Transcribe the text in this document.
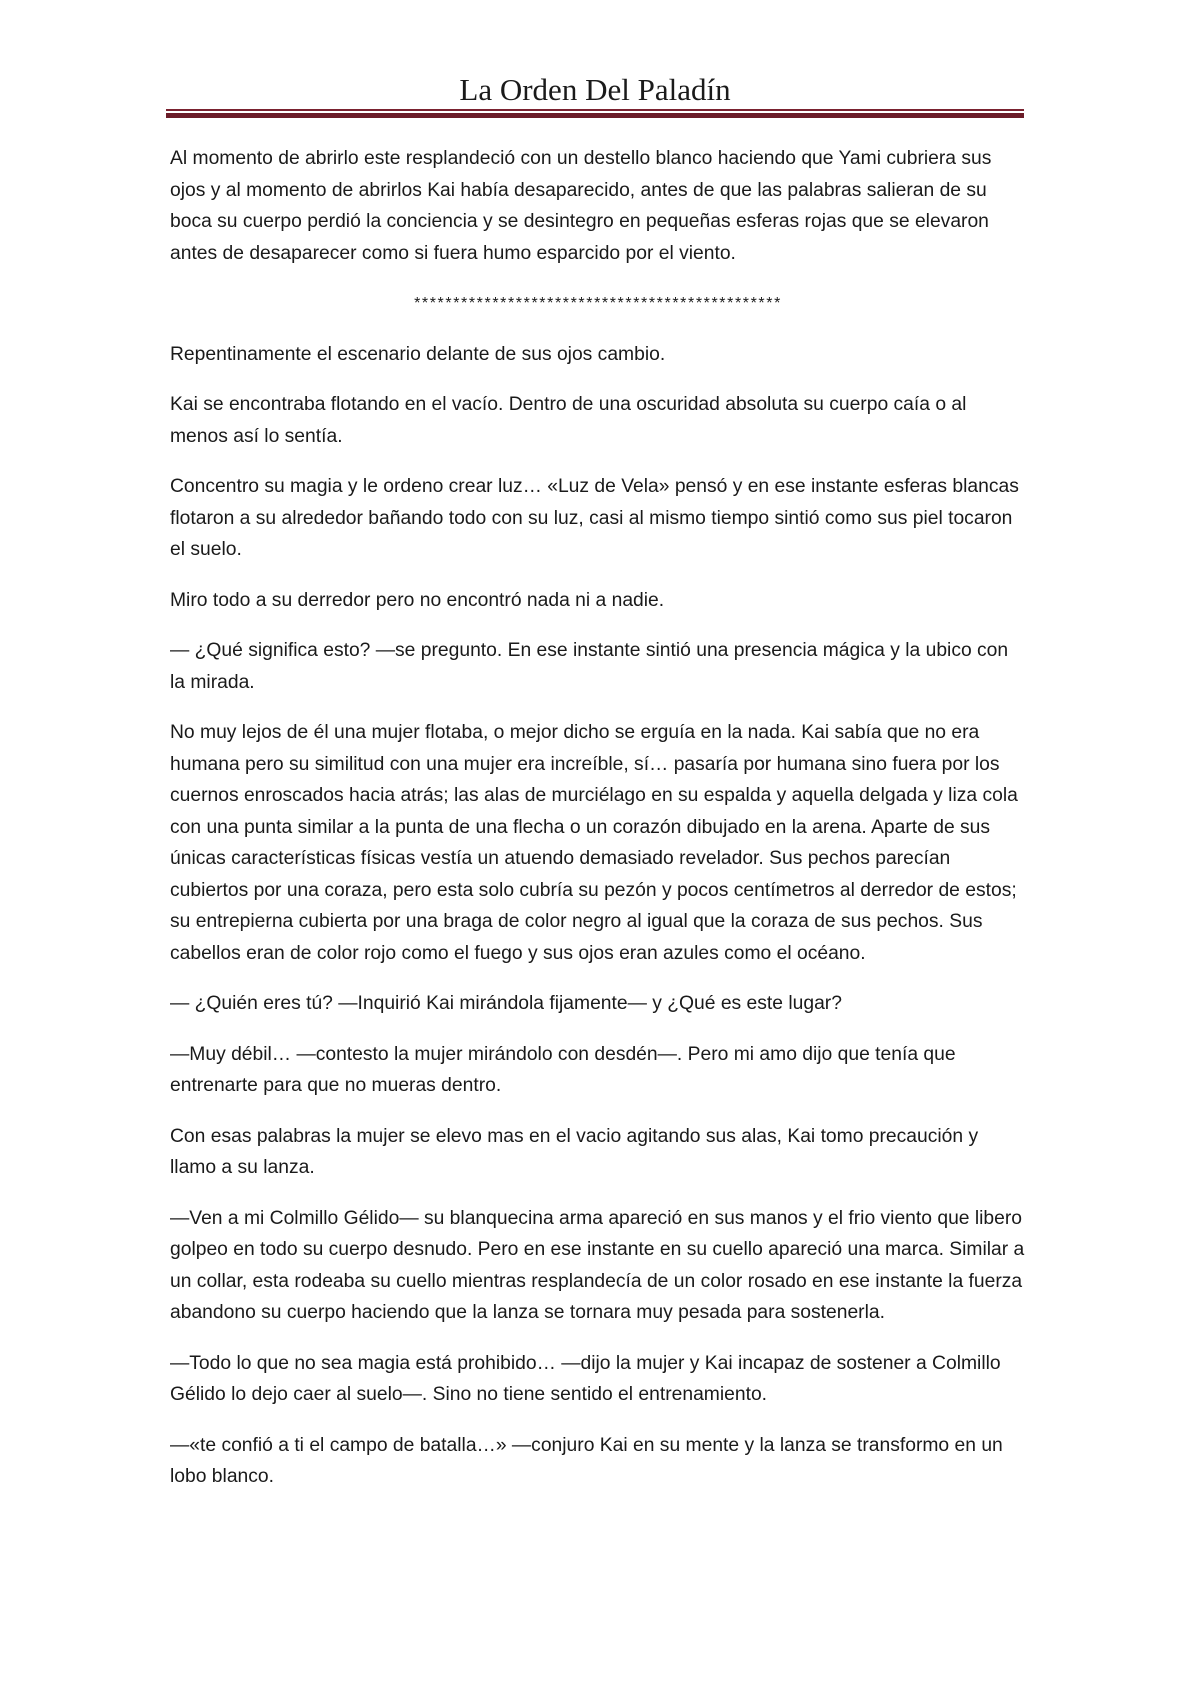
La Orden Del Paladín

Al momento de abrirlo este resplandeció con un destello blanco haciendo que Yami cubriera sus ojos y al momento de abrirlos Kai había desaparecido, antes de que las palabras salieran de su boca su cuerpo perdió la conciencia y se desintegro en pequeñas esferas rojas que se elevaron antes de desaparecer como si fuera humo esparcido por el viento.

***********************************************

Repentinamente el escenario delante de sus ojos cambio.

Kai se encontraba flotando en el vacío. Dentro de una oscuridad absoluta su cuerpo caía o al menos así lo sentía.

Concentro su magia y le ordeno crear luz… «Luz de Vela» pensó y en ese instante esferas blancas flotaron a su alrededor bañando todo con su luz, casi al mismo tiempo sintió como sus piel tocaron el suelo.

Miro todo a su derredor pero no encontró nada ni a nadie.

— ¿Qué significa esto? —se pregunto. En ese instante sintió una presencia mágica y la ubico con la mirada.

No muy lejos de él una mujer flotaba, o mejor dicho se erguía en la nada. Kai sabía que no era humana pero su similitud con una mujer era increíble, sí… pasaría por humana sino fuera por los cuernos enroscados hacia atrás; las alas de murciélago en su espalda y aquella delgada y liza cola con una punta similar a la punta de una flecha o un corazón dibujado en la arena. Aparte de sus únicas características físicas vestía un atuendo demasiado revelador. Sus pechos parecían cubiertos por una coraza, pero esta solo cubría su pezón y pocos centímetros al derredor de estos; su entrepierna cubierta por una braga de color negro al igual que la coraza de sus pechos. Sus cabellos eran de color rojo como el fuego y sus ojos eran azules como el océano.

— ¿Quién eres tú? —Inquirió Kai mirándola fijamente— y ¿Qué es este lugar?

—Muy débil… —contesto la mujer mirándolo con desdén—. Pero mi amo dijo que tenía que entrenarte para que no mueras dentro.

Con esas palabras la mujer se elevo mas en el vacio agitando sus alas, Kai tomo precaución y llamo a su lanza.

—Ven a mi Colmillo Gélido— su blanquecina arma apareció en sus manos y el frio viento que libero golpeo en todo su cuerpo desnudo. Pero en ese instante en su cuello apareció una marca. Similar a un collar, esta rodeaba su cuello mientras resplandecía de un color rosado en ese instante la fuerza abandono su cuerpo haciendo que la lanza se tornara muy pesada para sostenerla.

—Todo lo que no sea magia está prohibido… —dijo la mujer y Kai incapaz de sostener a Colmillo Gélido lo dejo caer al suelo—. Sino no tiene sentido el entrenamiento.

—«te confió a ti el campo de batalla…» —conjuro Kai en su mente y la lanza se transformo en un lobo blanco.
